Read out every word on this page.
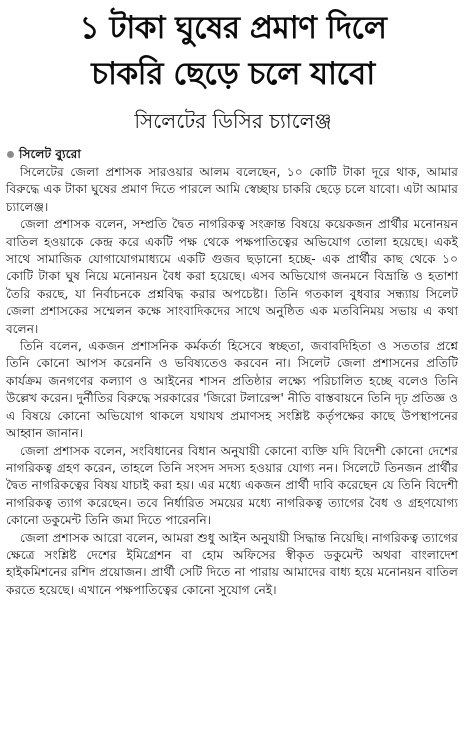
১ টাকা ঘুষের প্রমাণ দিলে
চাকরি ছেড়ে চলে যাবো
সিলেটের ডিসির চ্যালেঞ্জ
সিলেট ব্যুরো

সিলেটের জেলা প্রশাসক সারওয়ার আলম বলেছেন, ১০ কোটি টাকা দূরে থাক, আমার বিরুদ্ধে এক টাকা ঘুষের প্রমাণ দিতে পারলে আমি স্বেচ্ছায় চাকরি ছেড়ে চলে যাবো। এটা আমার চ্যালেঞ্জ।

জেলা প্রশাসক বলেন, সম্প্রতি দ্বৈত নাগরিকত্ব সংক্রান্ত বিষয়ে কয়েকজন প্রার্থীর মনোনয়ন বাতিল হওয়াকে কেন্দ্র করে একটি পক্ষ থেকে পক্ষপাতিত্বের অভিযোগ তোলা হয়েছে। একই সাথে সামাজিক যোগাযোগমাধ্যমে একটি গুজব ছড়ানো হচ্ছে- এক প্রার্থীর কাছ থেকে ১০ কোটি টাকা ঘুষ নিয়ে মনোনয়ন বৈধ করা হয়েছে। এসব অভিযোগ জনমনে বিভ্রান্তি ও হতাশা তৈরি করছে, যা নির্বাচনকে প্রশ্নবিদ্ধ করার অপচেষ্টা। তিনি গতকাল বুধবার সন্ধ্যায় সিলেট জেলা প্রশাসকের সম্মেলন কক্ষে সাংবাদিকদের সাথে অনুষ্ঠিত এক মতবিনিময় সভায় এ কথা বলেন।

তিনি বলেন, একজন প্রশাসনিক কর্মকর্তা হিসেবে স্বচ্ছতা, জবাবদিহিতা ও সততার প্রশ্নে তিনি কোনো আপস করেননি ও ভবিষ্যতেও করবেন না। সিলেট জেলা প্রশাসনের প্রতিটি কার্যক্রম জনগণের কল্যাণ ও আইনের শাসন প্রতিষ্ঠার লক্ষ্যে পরিচালিত হচ্ছে বলেও তিনি উল্লেখ করেন। দুর্নীতির বিরুদ্ধে সরকারের 'জিরো টলারেন্স' নীতি বাস্তবায়নে তিনি দৃঢ় প্রতিজ্ঞ ও এ বিষয়ে কোনো অভিযোগ থাকলে যথাযথ প্রমাণসহ সংশ্লিষ্ট কর্তৃপক্ষের কাছে উপস্থাপনের আহ্বান জানান।

জেলা প্রশাসক বলেন, সংবিধানের বিধান অনুযায়ী কোনো ব্যক্তি যদি বিদেশী কোনো দেশের নাগরিকত্ব গ্রহণ করেন, তাহলে তিনি সংসদ সদস্য হওয়ার যোগ্য নন। সিলেটে তিনজন প্রার্থীর দ্বৈত নাগরিকত্বের বিষয় যাচাই করা হয়। এর মধ্যে একজন প্রার্থী দাবি করেছেন যে তিনি বিদেশী নাগরিকত্ব ত্যাগ করেছেন। তবে নির্ধারিত সময়ের মধ্যে নাগরিকত্ব ত্যাগের বৈধ ও গ্রহণযোগ্য কোনো ডকুমেন্ট তিনি জমা দিতে পারেননি।

জেলা প্রশাসক আরো বলেন, আমরা শুধু আইন অনুযায়ী সিদ্ধান্ত নিয়েছি। নাগরিকত্ব ত্যাগের ক্ষেত্রে সংশ্লিষ্ট দেশের ইমিগ্রেশন বা হোম অফিসের স্বীকৃত ডকুমেন্ট অথবা বাংলাদেশ হাইকমিশনের রশিদ প্রয়োজন। প্রার্থী সেটি দিতে না পারায় আমাদের বাধ্য হয়ে মনোনয়ন বাতিল করতে হয়েছে। এখানে পক্ষপাতিত্বের কোনো সুযোগ নেই।
